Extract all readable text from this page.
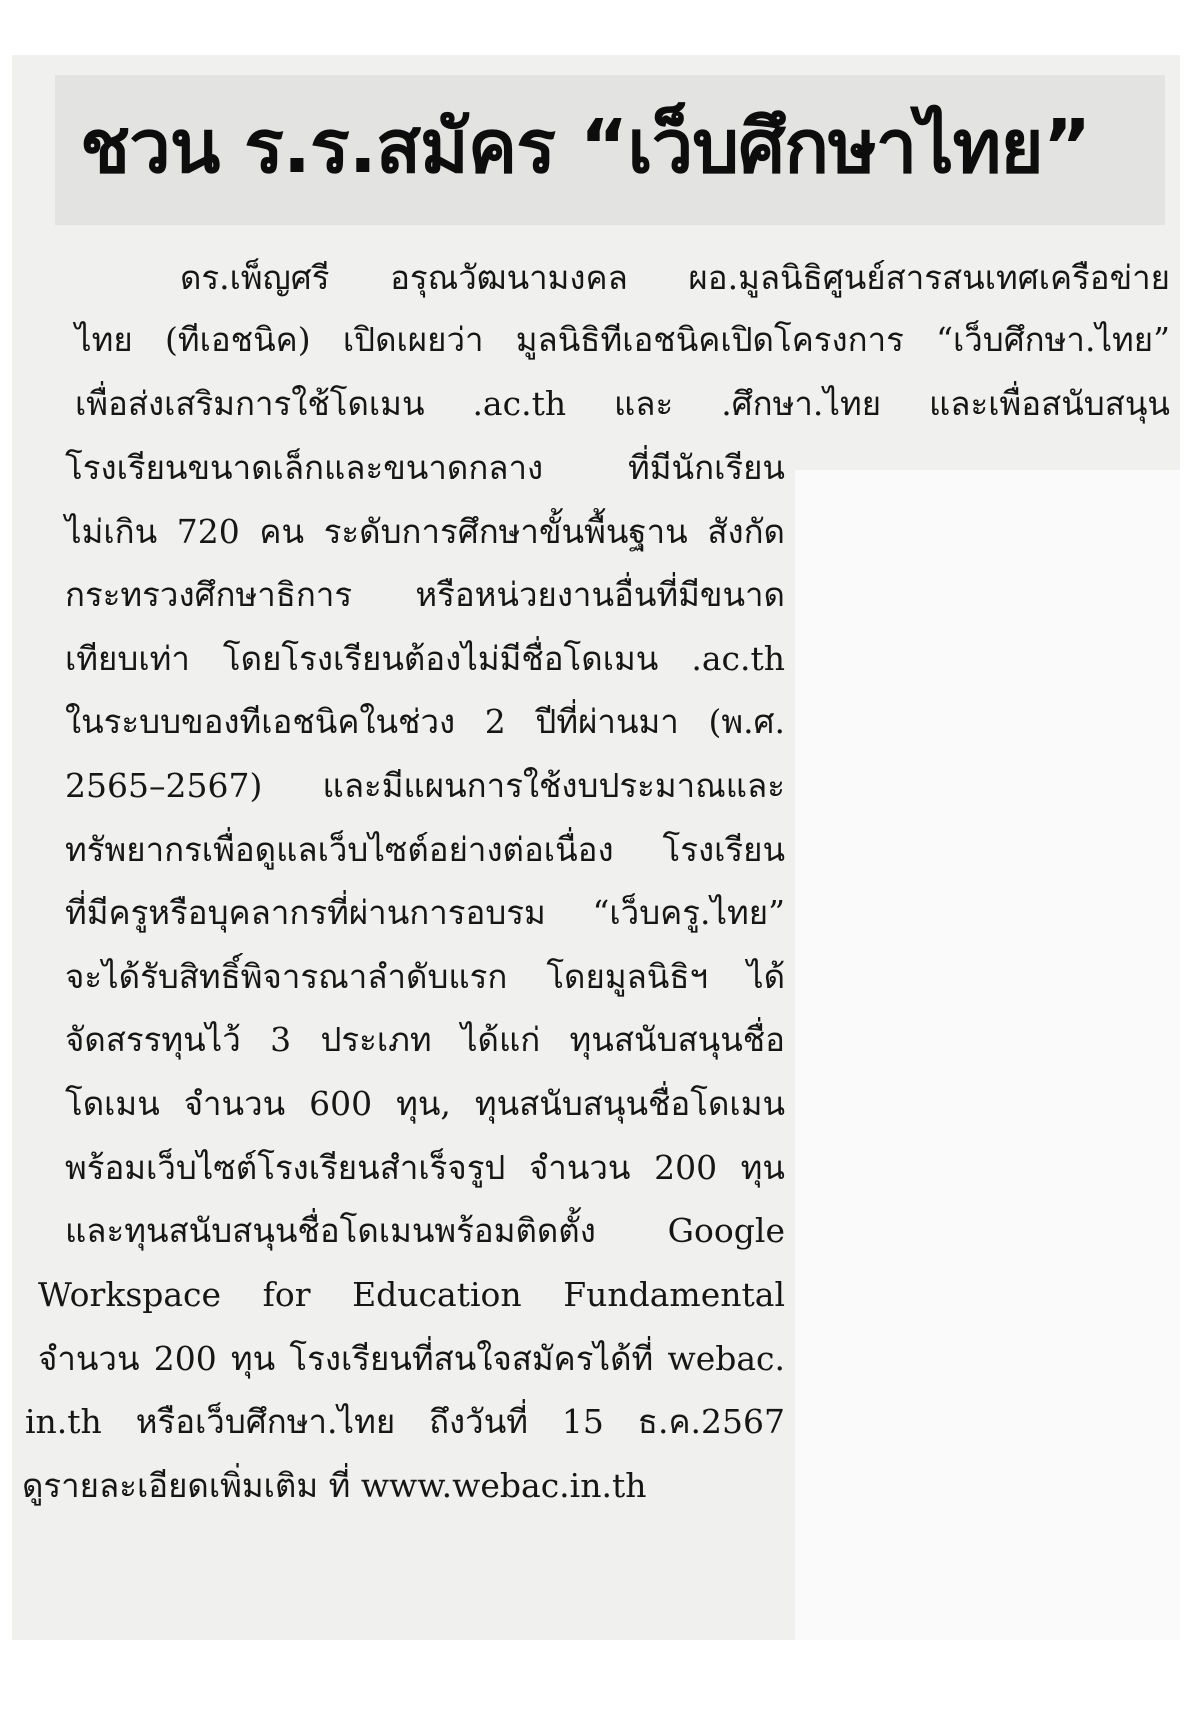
ชวน ร.ร.สมัคร “เว็บศึกษาไทย”
ดร.เพ็ญศรี อรุณวัฒนามงคล ผอ.มูลนิธิศูนย์สารสนเทศเครือข่าย
ไทย (ทีเอชนิค) เปิดเผยว่า มูลนิธิทีเอชนิคเปิดโครงการ “เว็บศึกษา.ไทย”
เพื่อส่งเสริมการใช้โดเมน .ac.th และ .ศึกษา.ไทย และเพื่อสนับสนุน
โรงเรียนขนาดเล็กและขนาดกลาง ที่มีนักเรียน
ไม่เกิน 720 คน ระดับการศึกษาขั้นพื้นฐาน สังกัด
กระทรวงศึกษาธิการ หรือหน่วยงานอื่นที่มีขนาด
เทียบเท่า โดยโรงเรียนต้องไม่มีชื่อโดเมน .ac.th
ในระบบของทีเอชนิคในช่วง 2 ปีที่ผ่านมา (พ.ศ.
2565–2567) และมีแผนการใช้งบประมาณและ
ทรัพยากรเพื่อดูแลเว็บไซต์อย่างต่อเนื่อง โรงเรียน
ที่มีครูหรือบุคลากรที่ผ่านการอบรม “เว็บครู.ไทย”
จะได้รับสิทธิ์พิจารณาลำดับแรก โดยมูลนิธิฯ ได้
จัดสรรทุนไว้ 3 ประเภท ได้แก่ ทุนสนับสนุนชื่อ
โดเมน จำนวน 600 ทุน, ทุนสนับสนุนชื่อโดเมน
พร้อมเว็บไซต์โรงเรียนสำเร็จรูป จำนวน 200 ทุน
และทุนสนับสนุนชื่อโดเมนพร้อมติดตั้ง Google
Workspace for Education Fundamental
จำนวน 200 ทุน โรงเรียนที่สนใจสมัครได้ที่ webac.
in.th หรือเว็บศึกษา.ไทย ถึงวันที่ 15 ธ.ค.2567
ดูรายละเอียดเพิ่มเติม ที่ www.webac.in.th
